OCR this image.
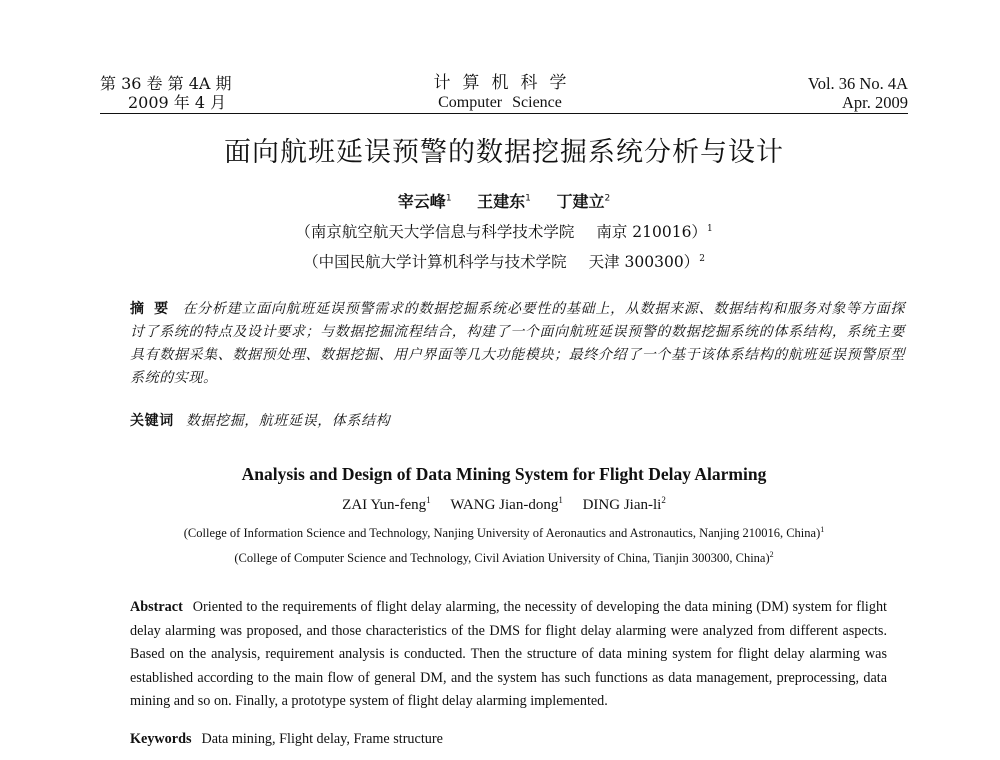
第 36 卷 第 4A 期
2009 年 4 月
计算机科学
Computer Science
Vol. 36 No. 4A
Apr. 2009
面向航班延误预警的数据挖掘系统分析与设计
宰云峰$^1$ 王建东$^1$ 丁建立$^2$
（南京航空航天大学信息与科学技术学院 南京 210016）$^1$
（中国民航大学计算机科学与技术学院 天津 300300）$^2$
摘要 在分析建立面向航班延误预警需求的数据挖掘系统必要性的基础上，从数据来源、数据结构和服务对象等方面探讨了系统的特点及设计要求；与数据挖掘流程结合，构建了一个面向航班延误预警的数据挖掘系统的体系结构，系统主要具有数据采集、数据预处理、数据挖掘、用户界面等几大功能模块；最终介绍了一个基于该体系结构的航班延误预警原型系统的实现。
关键词 数据挖掘，航班延误，体系结构
Analysis and Design of Data Mining System for Flight Delay Alarming
ZAI Yun-feng$^1$ WANG Jian-dong$^1$ DING Jian-$li^2$
(College of Information Science and Technology, Nanjing University of Aeronautics and Astronautics, Nanjing 210016, China)$^1$
(College of Computer Science and Technology, Civil Aviation University of China, Tianjin 300300, China)$^2$
Abstract Oriented to the requirements of flight delay alarming, the necessity of developing the data mining (DM) system for flight delay alarming was proposed, and those characteristics of the DMS for flight delay alarming were analyzed from different aspects. Based on the analysis, requirement analysis is conducted. Then the structure of data mining system for flight delay alarming was established according to the main flow of general DM, and the system has such functions as data management, preprocessing, data mining and so on. Finally, a prototype system of flight delay alarming implemented.
Keywords Data mining, Flight delay, Frame structure
